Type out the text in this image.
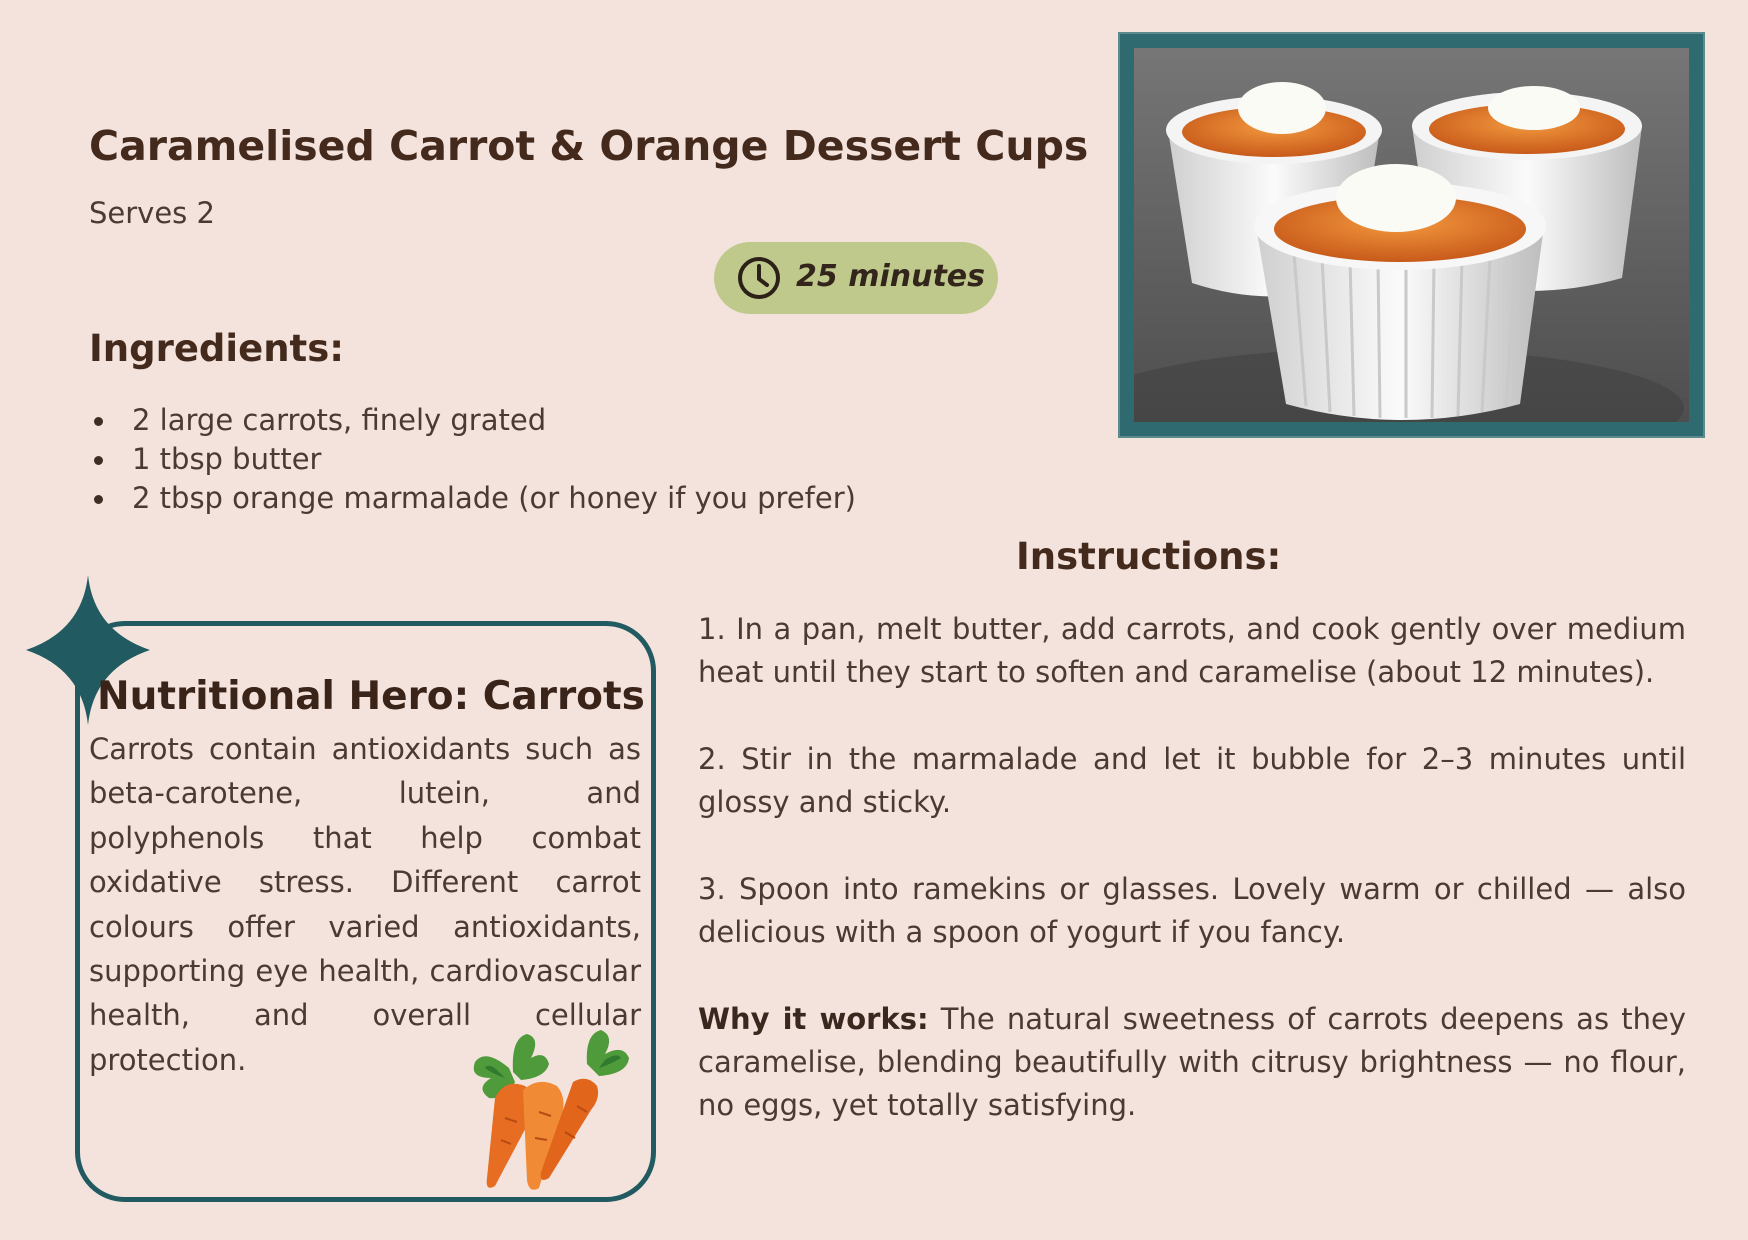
Caramelised Carrot & Orange Dessert Cups
Serves 2
25 minutes
Ingredients:
2 large carrots, finely grated
1 tbsp butter
2 tbsp orange marmalade (or honey if you prefer)
Instructions:

1. In a pan, melt butter, add carrots, and cook gently over medium heat until they start to soften and caramelise (about 12 minutes).

2. Stir in the marmalade and let it bubble for 2–3 minutes until glossy and sticky.

3. Spoon into ramekins or glasses. Lovely warm or chilled — also delicious with a spoon of yogurt if you fancy.

Why it works: The natural sweetness of carrots deepens as they caramelise, blending beautifully with citrusy brightness — no flour, no eggs, yet totally satisfying.

Nutritional Hero: Carrots

Carrots contain antioxidants such as beta-carotene, lutein, and polyphenols that help combat oxidative stress. Different carrot colours offer varied antioxidants, supporting eye health, cardiovascular health, and overall cellular protection.
